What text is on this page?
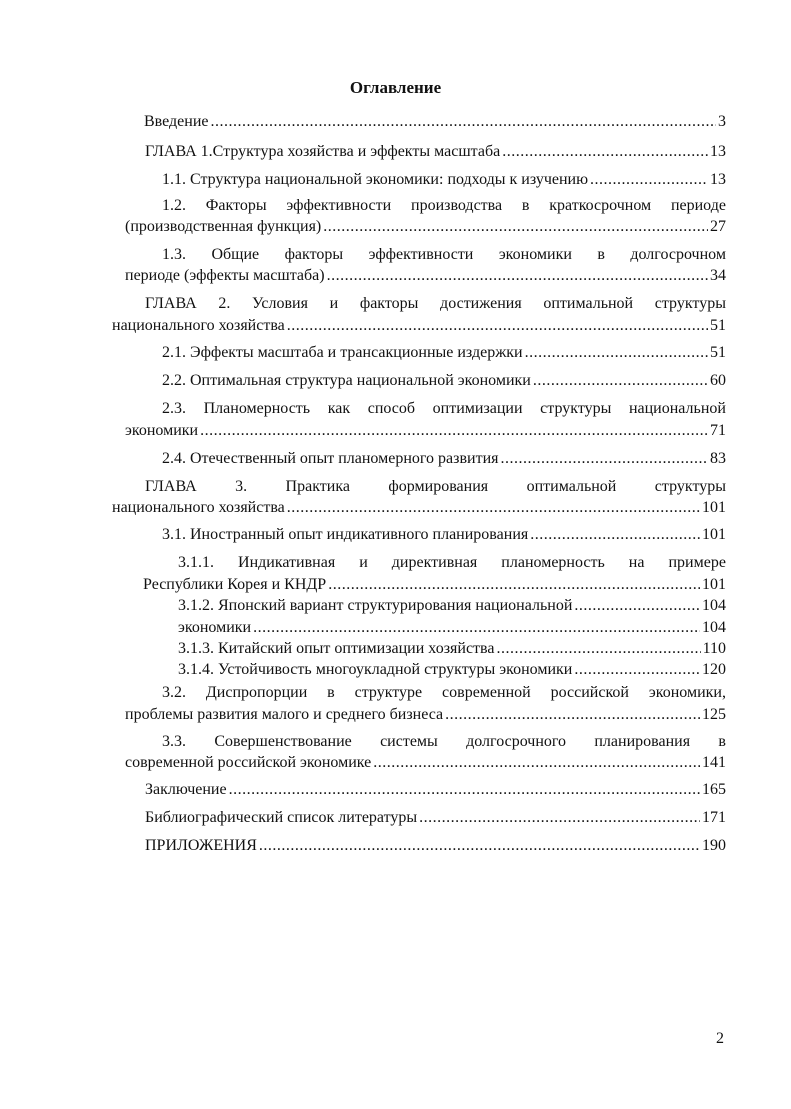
Оглавление
Введение .....	3
ГЛАВА 1.Структура хозяйства и эффекты масштаба .....	13
1.1. Структура национальной экономики: подходы к изучению .....	13
1.2. Факторы эффективности производства в краткосрочном периоде
(производственная функция) .....	27
1.3. Общие факторы эффективности экономики в долгосрочном
периоде (эффекты масштаба) .....	34
ГЛАВА 2. Условия и факторы достижения оптимальной структуры
национального хозяйства .....	51
2.1. Эффекты масштаба и трансакционные издержки .....	51
2.2. Оптимальная структура национальной экономики .....	60
2.3. Планомерность как способ оптимизации структуры национальной
экономики .....	71
2.4. Отечественный опыт планомерного развития .....	83
ГЛАВА 3. Практика формирования оптимальной структуры
национального хозяйства .....	101
3.1. Иностранный опыт индикативного планирования .....	101
3.1.1. Индикативная и директивная планомерность на примере
Республики Корея и КНДР .....	101
3.1.2. Японский вариант структурирования национальной .....	104
экономики .....	104
3.1.3. Китайский опыт оптимизации хозяйства .....	110
3.1.4. Устойчивость многоукладной структуры экономики .....	120
3.2. Диспропорции в структуре современной российской экономики,
проблемы развития малого и среднего бизнеса .....	125
3.3. Совершенствование системы долгосрочного планирования в
современной российской экономике .....	141
Заключение .....	165
Библиографический список литературы .....	171
ПРИЛОЖЕНИЯ .....	190
2
